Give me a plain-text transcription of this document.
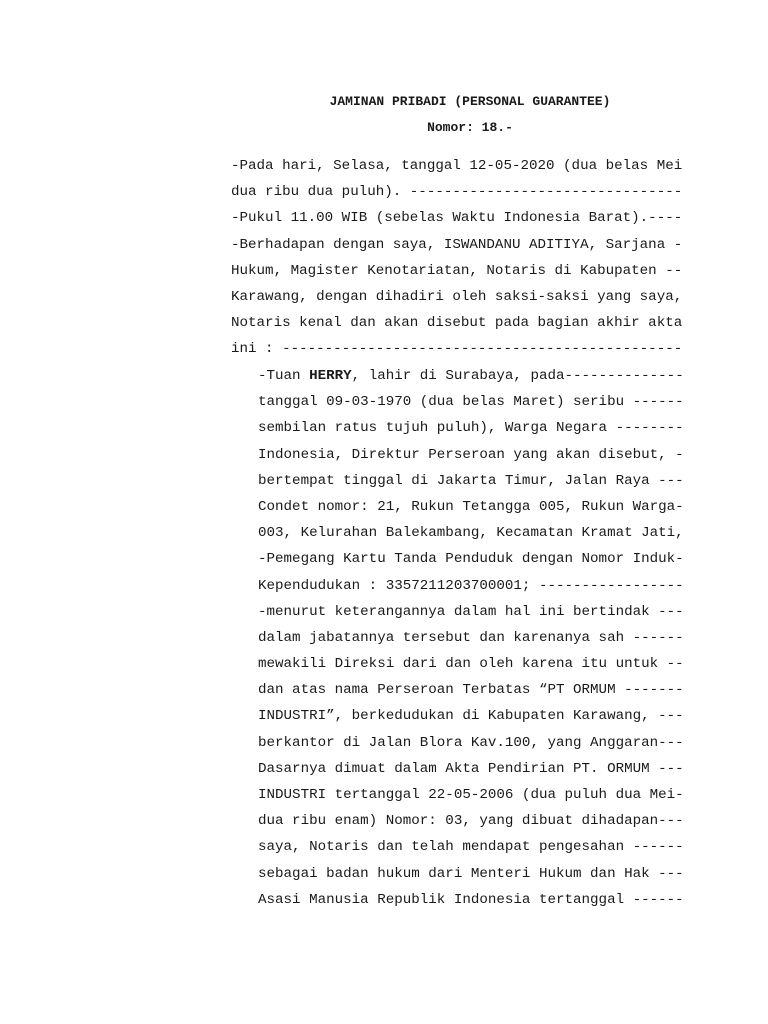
JAMINAN PRIBADI (PERSONAL GUARANTEE)
Nomor: 18.-
-Pada hari, Selasa, tanggal 12-05-2020 (dua belas Mei
dua ribu dua puluh). --------------------------------
-Pukul 11.00 WIB (sebelas Waktu Indonesia Barat).----
-Berhadapan dengan saya, ISWANDANU ADITIYA, Sarjana -
Hukum, Magister Kenotariatan, Notaris di Kabupaten --
Karawang, dengan dihadiri oleh saksi-saksi yang saya,
Notaris kenal dan akan disebut pada bagian akhir akta
ini : -----------------------------------------------
-Tuan HERRY, lahir di Surabaya, pada--------------
tanggal 09-03-1970 (dua belas Maret) seribu ------
sembilan ratus tujuh puluh), Warga Negara --------
Indonesia, Direktur Perseroan yang akan disebut, -
bertempat tinggal di Jakarta Timur, Jalan Raya ---
Condet nomor: 21, Rukun Tetangga 005, Rukun Warga-
003, Kelurahan Balekambang, Kecamatan Kramat Jati,
-Pemegang Kartu Tanda Penduduk dengan Nomor Induk-
Kependudukan : 3357211203700001; -----------------
-menurut keterangannya dalam hal ini bertindak ---
dalam jabatannya tersebut dan karenanya sah ------
mewakili Direksi dari dan oleh karena itu untuk --
dan atas nama Perseroan Terbatas “PT ORMUM -------
INDUSTRI”, berkedudukan di Kabupaten Karawang, ---
berkantor di Jalan Blora Kav.100, yang Anggaran---
Dasarnya dimuat dalam Akta Pendirian PT. ORMUM ---
INDUSTRI tertanggal 22-05-2006 (dua puluh dua Mei-
dua ribu enam) Nomor: 03, yang dibuat dihadapan---
saya, Notaris dan telah mendapat pengesahan ------
sebagai badan hukum dari Menteri Hukum dan Hak ---
Asasi Manusia Republik Indonesia tertanggal ------
